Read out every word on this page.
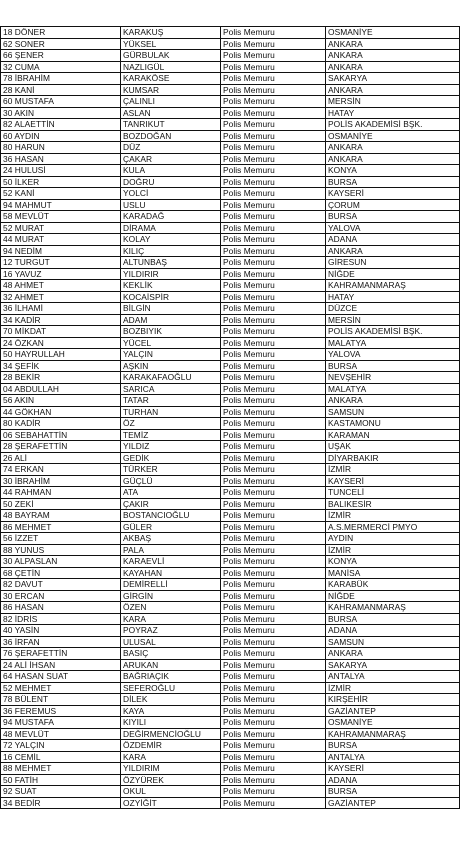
18 DÖNER	KARAKUŞ	Polis Memuru	OSMANİYE
62 SONER	YÜKSEL	Polis Memuru	ANKARA
66 ŞENER	GÜRBULAK	Polis Memuru	ANKARA
32 CUMA	NAZLIGÜL	Polis Memuru	ANKARA
78 İBRAHİM	KARAKÖSE	Polis Memuru	SAKARYA
28 KANİ	KUMSAR	Polis Memuru	ANKARA
60 MUSTAFA	ÇALINLI	Polis Memuru	MERSİN
30 AKIN	ASLAN	Polis Memuru	HATAY
82 ALAETTİN	TANRIKUT	Polis Memuru	POLİS AKADEMİSİ BŞK.
60 AYDIN	BOZDOĞAN	Polis Memuru	OSMANİYE
80 HARUN	DÜZ	Polis Memuru	ANKARA
36 HASAN	ÇAKAR	Polis Memuru	ANKARA
24 HULUSİ	KULA	Polis Memuru	KONYA
50 İLKER	DOĞRU	Polis Memuru	BURSA
52 KANİ	YOLCİ	Polis Memuru	KAYSERİ
94 MAHMUT	USLU	Polis Memuru	ÇORUM
58 MEVLÜT	KARADAĞ	Polis Memuru	BURSA
52 MURAT	DİRAMA	Polis Memuru	YALOVA
44 MURAT	KOLAY	Polis Memuru	ADANA
94 NEDİM	KILIÇ	Polis Memuru	ANKARA
12 TURGUT	ALTUNBAŞ	Polis Memuru	GİRESUN
16 YAVUZ	YILDIRIR	Polis Memuru	NİĞDE
48 AHMET	KEKLİK	Polis Memuru	KAHRAMANMARAŞ
32 AHMET	KOCAİSPİR	Polis Memuru	HATAY
36 İLHAMİ	BİLGİN	Polis Memuru	DÜZCE
34 KADİR	ADAM	Polis Memuru	MERSİN
70 MİKDAT	BOZBIYIK	Polis Memuru	POLİS AKADEMİSİ BŞK.
24 ÖZKAN	YÜCEL	Polis Memuru	MALATYA
50 HAYRULLAH	YALÇIN	Polis Memuru	YALOVA
34 ŞEFİK	AŞKIN	Polis Memuru	BURSA
28 BEKİR	KARAKAFAOĞLU	Polis Memuru	NEVŞEHİR
04 ABDULLAH	SARICA	Polis Memuru	MALATYA
56 AKIN	TATAR	Polis Memuru	ANKARA
44 GÖKHAN	TURHAN	Polis Memuru	SAMSUN
80 KADİR	ÖZ	Polis Memuru	KASTAMONU
06 SEBAHATTİN	TEMİZ	Polis Memuru	KARAMAN
28 ŞERAFETTİN	YILDIZ	Polis Memuru	UŞAK
26 ALİ	GEDİK	Polis Memuru	DİYARBAKIR
74 ERKAN	TÜRKER	Polis Memuru	İZMİR
30 İBRAHİM	GÜÇLÜ	Polis Memuru	KAYSERİ
44 RAHMAN	ATA	Polis Memuru	TUNCELİ
50 ZEKİ	ÇAKIR	Polis Memuru	BALIKESİR
48 BAYRAM	BOSTANCIOĞLU	Polis Memuru	İZMİR
86 MEHMET	GÜLER	Polis Memuru	A.S.MERMERCİ PMYO
56 İZZET	AKBAŞ	Polis Memuru	AYDIN
88 YUNUS	PALA	Polis Memuru	İZMİR
30 ALPASLAN	KARAEVLİ	Polis Memuru	KONYA
68 ÇETİN	KAYAHAN	Polis Memuru	MANİSA
82 DAVUT	DEMİRELLİ	Polis Memuru	KARABÜK
30 ERCAN	GİRGİN	Polis Memuru	NİĞDE
86 HASAN	ÖZEN	Polis Memuru	KAHRAMANMARAŞ
82 İDRİS	KARA	Polis Memuru	BURSA
40 YASİN	POYRAZ	Polis Memuru	ADANA
36 İRFAN	ULUSAL	Polis Memuru	SAMSUN
76 ŞERAFETTİN	BASIÇ	Polis Memuru	ANKARA
24 ALİ İHSAN	ARUKAN	Polis Memuru	SAKARYA
64 HASAN SUAT	BAĞRIAÇIK	Polis Memuru	ANTALYA
52 MEHMET	SEFEROĞLU	Polis Memuru	İZMİR
78 BÜLENT	DİLEK	Polis Memuru	KIRŞEHİR
36 FEREMUS	KAYA	Polis Memuru	GAZİANTEP
94 MUSTAFA	KIYILI	Polis Memuru	OSMANİYE
48 MEVLÜT	DEĞİRMENCİOĞLU	Polis Memuru	KAHRAMANMARAŞ
72 YALÇIN	ÖZDEMİR	Polis Memuru	BURSA
16 CEMİL	KARA	Polis Memuru	ANTALYA
88 MEHMET	YILDIRIM	Polis Memuru	KAYSERİ
50 FATİH	ÖZYÜREK	Polis Memuru	ADANA
92 SUAT	OKUL	Polis Memuru	BURSA
34 BEDİR	OZYİĞİT	Polis Memuru	GAZİANTEP
